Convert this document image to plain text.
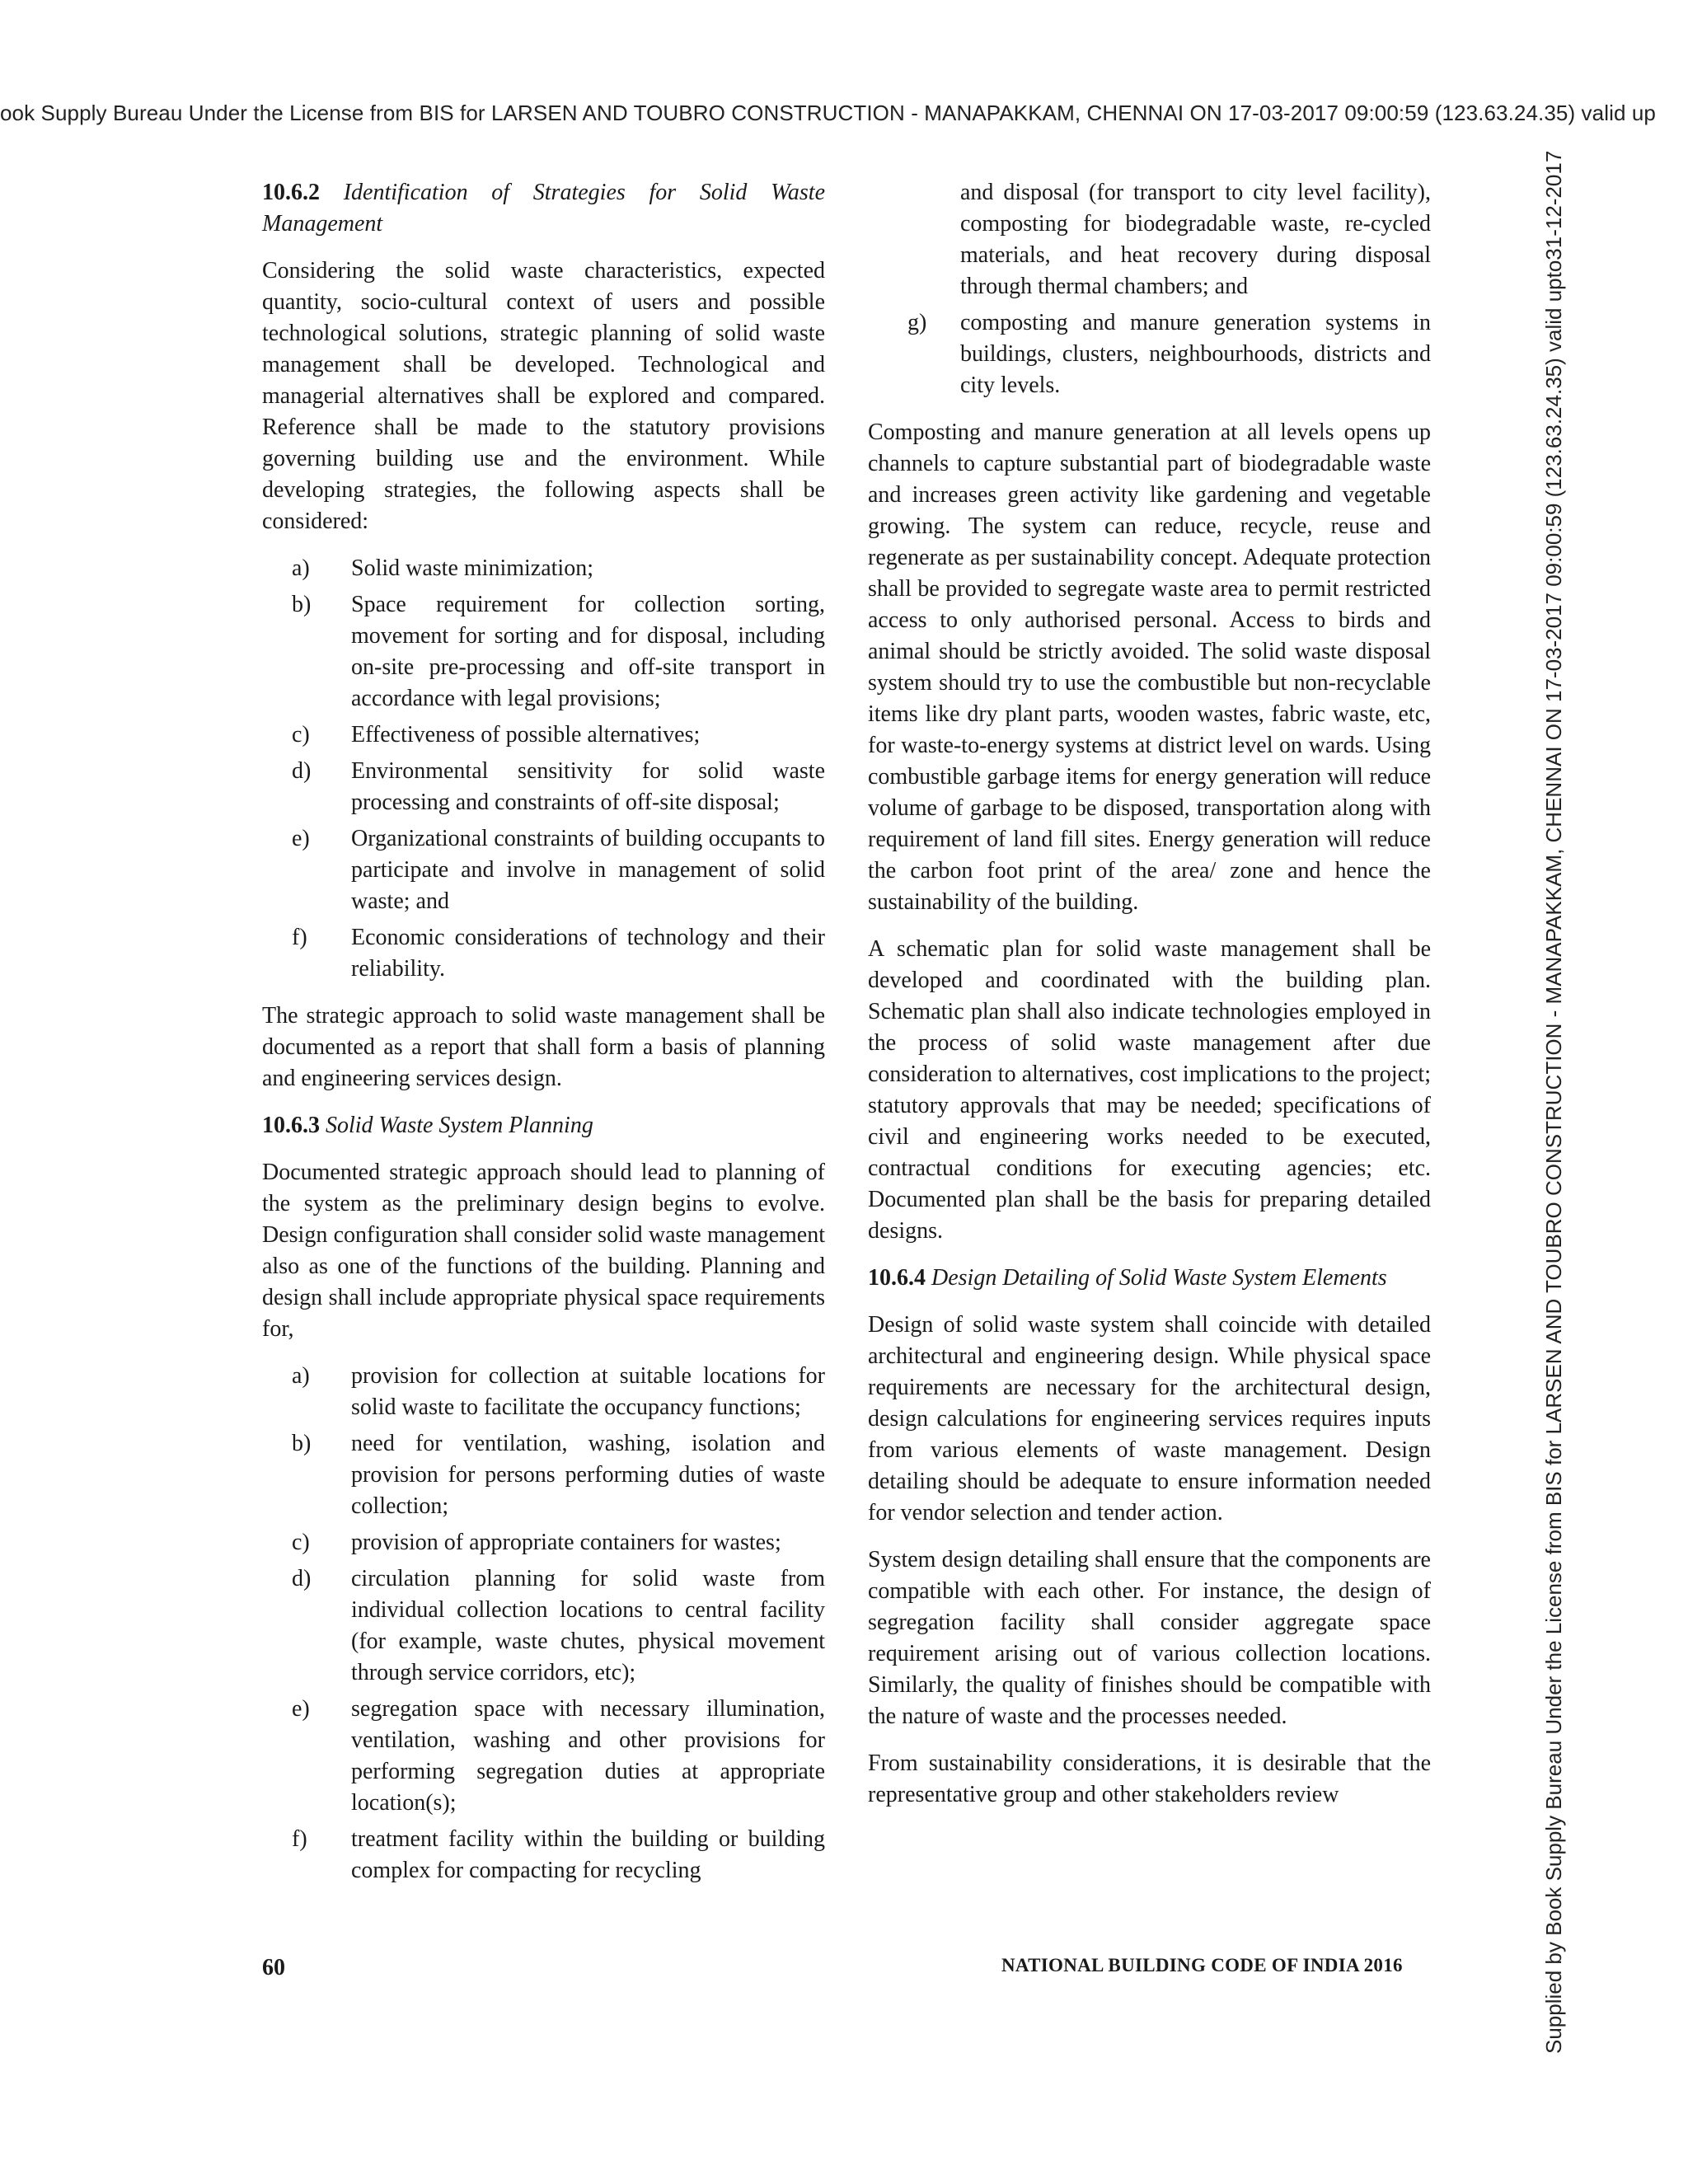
ook Supply Bureau Under the License from BIS for LARSEN AND TOUBRO CONSTRUCTION - MANAPAKKAM, CHENNAI ON 17-03-2017 09:00:59 (123.63.24.35) valid up
Supplied by Book Supply Bureau Under the License from BIS for LARSEN AND TOUBRO CONSTRUCTION - MANAPAKKAM, CHENNAI ON 17-03-2017 09:00:59 (123.63.24.35) valid upto31-12-2017
10.6.2 Identification of Strategies for Solid Waste Management

Considering the solid waste characteristics, expected quantity, socio-cultural context of users and possible technological solutions, strategic planning of solid waste management shall be developed. Technological and managerial alternatives shall be explored and compared. Reference shall be made to the statutory provisions governing building use and the environment. While developing strategies, the following aspects shall be considered:

a)	Solid waste minimization;
b)	Space requirement for collection sorting, movement for sorting and for disposal, including on-site pre-processing and off-site transport in accordance with legal provisions;
c)	Effectiveness of possible alternatives;
d)	Environmental sensitivity for solid waste processing and constraints of off-site disposal;
e)	Organizational constraints of building occupants to participate and involve in management of solid waste; and
f)	Economic considerations of technology and their reliability.

The strategic approach to solid waste management shall be documented as a report that shall form a basis of planning and engineering services design.

10.6.3 Solid Waste System Planning

Documented strategic approach should lead to planning of the system as the preliminary design begins to evolve. Design configuration shall consider solid waste management also as one of the functions of the building. Planning and design shall include appropriate physical space requirements for,

a)	provision for collection at suitable locations for solid waste to facilitate the occupancy functions;
b)	need for ventilation, washing, isolation and provision for persons performing duties of waste collection;
c)	provision of appropriate containers for wastes;
d)	circulation planning for solid waste from individual collection locations to central facility (for example, waste chutes, physical movement through service corridors, etc);
e)	segregation space with necessary illumination, ventilation, washing and other provisions for performing segregation duties at appropriate location(s);
f)	treatment facility within the building or building complex for compacting for recycling
and disposal (for transport to city level facility), composting for biodegradable waste, re-cycled materials, and heat recovery during disposal through thermal chambers; and
g)	composting and manure generation systems in buildings, clusters, neighbourhoods, districts and city levels.

Composting and manure generation at all levels opens up channels to capture substantial part of biodegradable waste and increases green activity like gardening and vegetable growing. The system can reduce, recycle, reuse and regenerate as per sustainability concept. Adequate protection shall be provided to segregate waste area to permit restricted access to only authorised personal. Access to birds and animal should be strictly avoided. The solid waste disposal system should try to use the combustible but non-recyclable items like dry plant parts, wooden wastes, fabric waste, etc, for waste-to-energy systems at district level on wards. Using combustible garbage items for energy generation will reduce volume of garbage to be disposed, transportation along with requirement of land fill sites. Energy generation will reduce the carbon foot print of the area/ zone and hence the sustainability of the building.

A schematic plan for solid waste management shall be developed and coordinated with the building plan. Schematic plan shall also indicate technologies employed in the process of solid waste management after due consideration to alternatives, cost implications to the project; statutory approvals that may be needed; specifications of civil and engineering works needed to be executed, contractual conditions for executing agencies; etc. Documented plan shall be the basis for preparing detailed designs.

10.6.4 Design Detailing of Solid Waste System Elements

Design of solid waste system shall coincide with detailed architectural and engineering design. While physical space requirements are necessary for the architectural design, design calculations for engineering services requires inputs from various elements of waste management. Design detailing should be adequate to ensure information needed for vendor selection and tender action.

System design detailing shall ensure that the components are compatible with each other. For instance, the design of segregation facility shall consider aggregate space requirement arising out of various collection locations. Similarly, the quality of finishes should be compatible with the nature of waste and the processes needed.

From sustainability considerations, it is desirable that the representative group and other stakeholders review

60	NATIONAL BUILDING CODE OF INDIA 2016
